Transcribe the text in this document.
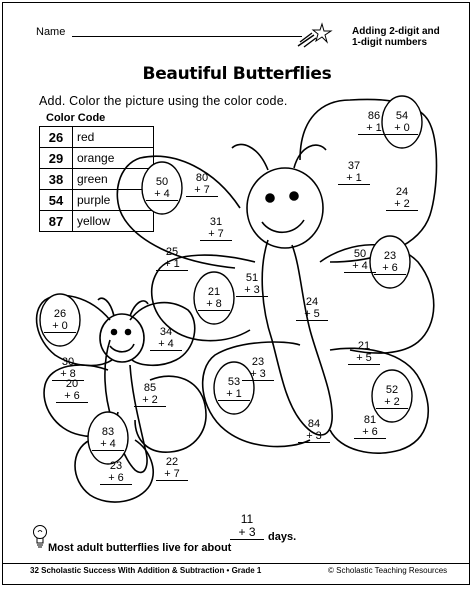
Name	Adding 2-digit and
1-digit numbers
Beautiful Butterflies
Add. Color the picture using the color code.
Color Code
26	red
29	orange
38	green
54	purple
87	yellow
86
+ 1
54
+ 0
37
+ 1
24
+ 2
50
+ 4
80
+ 7
31
+ 7
25
+ 1
51
+ 3
21
+ 8	24
+ 5
50
+ 4
23
+ 6
26
+ 0	34
+ 4
30
+ 8
23
+ 3
21
+ 5
85
+ 2
20
+ 6
53
+ 1	52
+ 2
83
+ 4
84
+ 3
81
+ 6
22
+ 7
23
+ 6
Most adult butterflies live for about
11
+ 3	days.
32 Scholastic Success With Addition & Subtraction • Grade 1	© Scholastic Teaching Resources
